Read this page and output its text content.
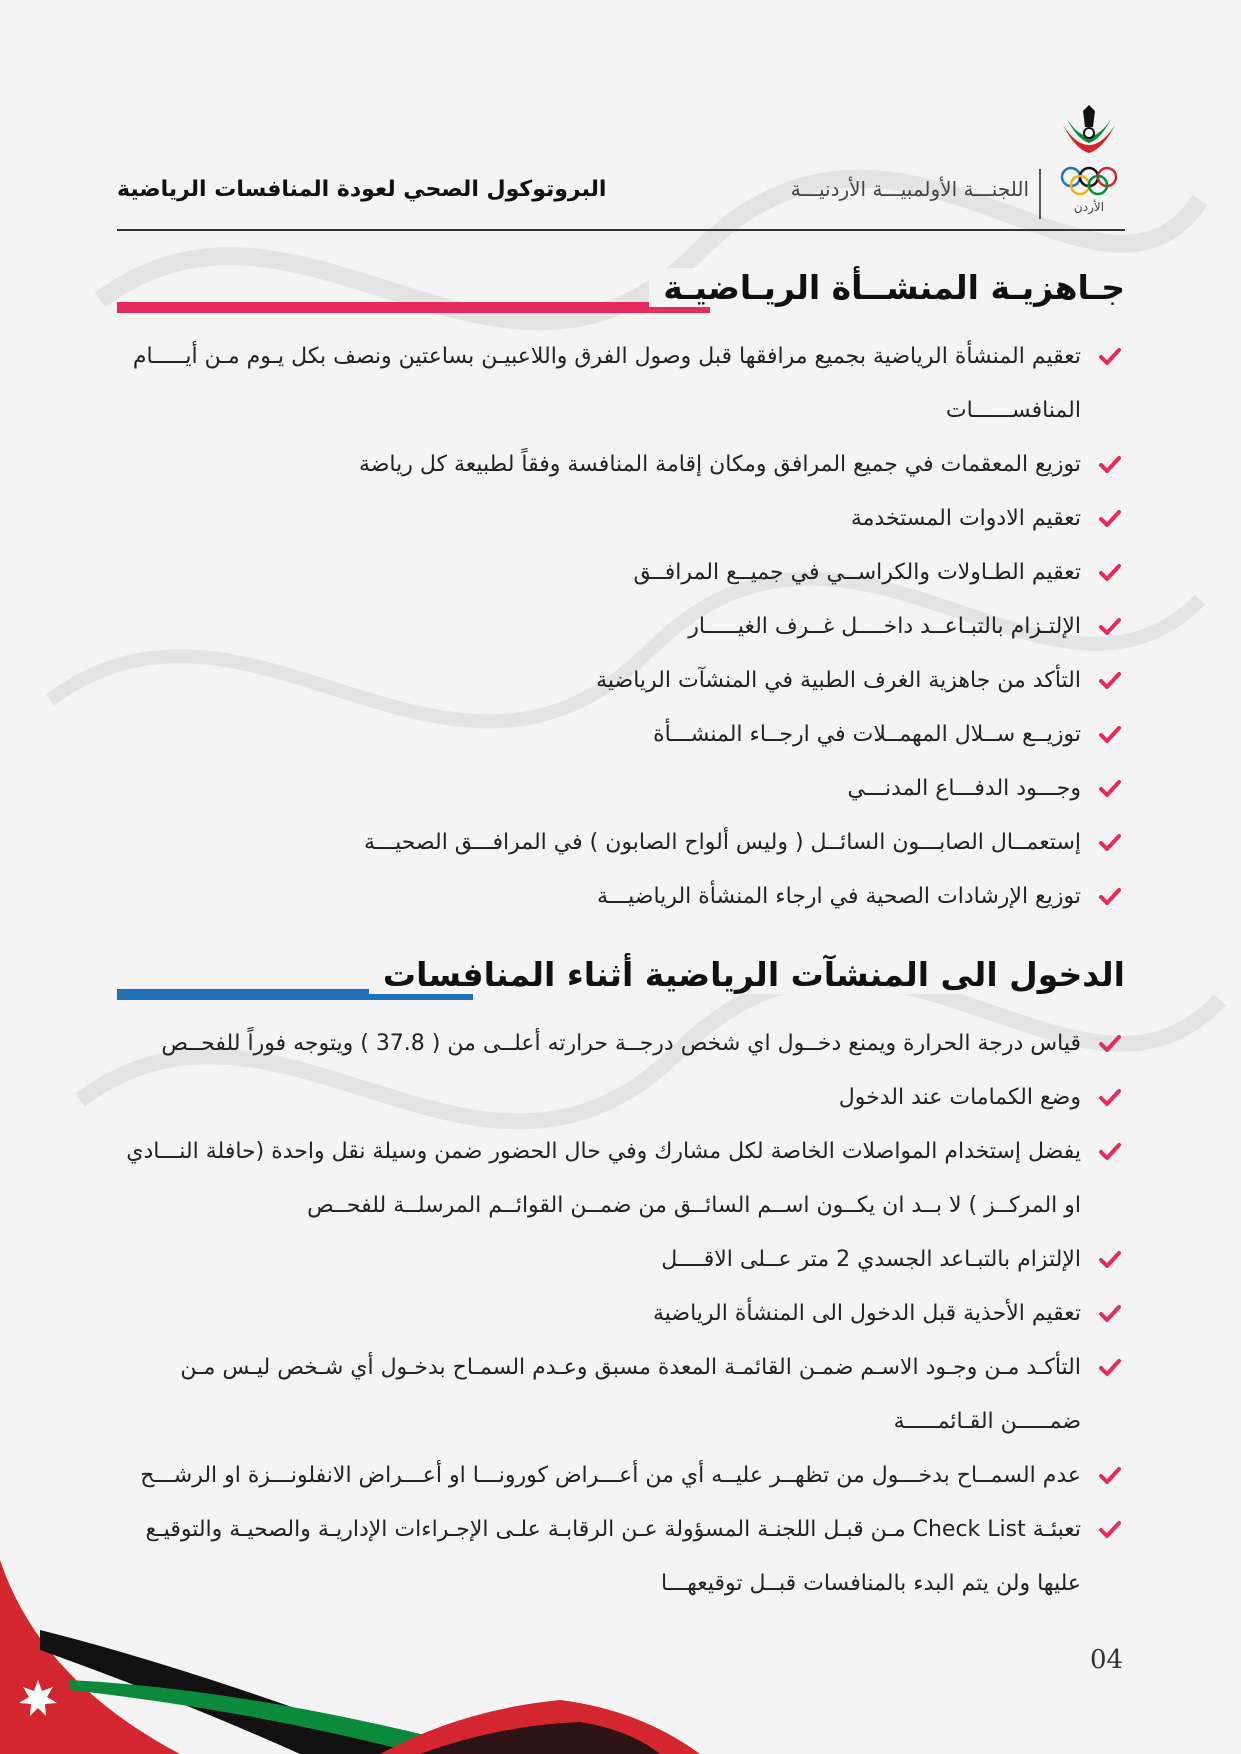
الأردن
اللجنـــة الأولمبيـــة الأردنيـــة
البروتوكول الصحي لعودة المنافسات الرياضية
جـاهزيـة المنشــأة الريـاضيـة
تعقيم المنشأة الرياضية بجميع مرافقها قبل وصول الفرق واللاعبيـن بساعتين ونصف بكل يـوم مـن أيـــــام المنافســــــات
توزيع المعقمات في جميع المرافق ومكان إقامة المنافسة وفقاً لطبيعة كل رياضة
تعقيم الادوات المستخدمة
تعقيم الطـاولات والكراســي في جميــع المرافــق
الإلتـزام بالتبـاعــد داخــــل غــرف الغيـــــار
التأكد من جاهزية الغرف الطبية في المنشآت الرياضية
توزيــع ســلال المهمــلات في ارجــاء المنشـــأة
وجـــود الدفـــاع المدنـــي
إستعمــال الصابـــون السائــل ( وليس ألواح الصابون ) في المرافـــق الصحيـــة
توزيع الإرشادات الصحية في ارجاء المنشأة الرياضيـــة
الدخول الى المنشآت الرياضية أثناء المنافسات
قياس درجة الحرارة ويمنع دخــول اي شخص درجــة حرارته أعلــى من ( 37.8 ) ويتوجه فوراً للفحــص
وضع الكمامات عند الدخول
يفضل إستخدام المواصلات الخاصة لكل مشارك وفي حال الحضور ضمن وسيلة نقل واحدة (حافلة النـــادي او المركــز ) لا بــد ان يكــون اســم السائــق من ضمــن القوائــم المرسلــة للفحــص
الإلتزام بالتبـاعد الجسدي 2 متر عــلى الاقــــل
تعقيم الأحذية قبل الدخول الى المنشأة الرياضية
التأكـد مـن وجـود الاسـم ضمـن القائمـة المعدة مسبق وعـدم السمـاح بدخـول أي شـخص ليـس مـن ضمـــــن القـائمـــــة
عدم السمــاح بدخـــول من تظهــر عليــه أي من أعـــراض كورونـــا او أعـــراض الانفلونـــزة او الرشـــح
تعبئـة Check List مـن قبـل اللجنـة المسؤولة عـن الرقابـة علـى الإجـراءات الإداريـة والصحيـة والتوقيـع عليها ولن يتم البدء بالمنافسات قبــل توقيعهـــا
04
